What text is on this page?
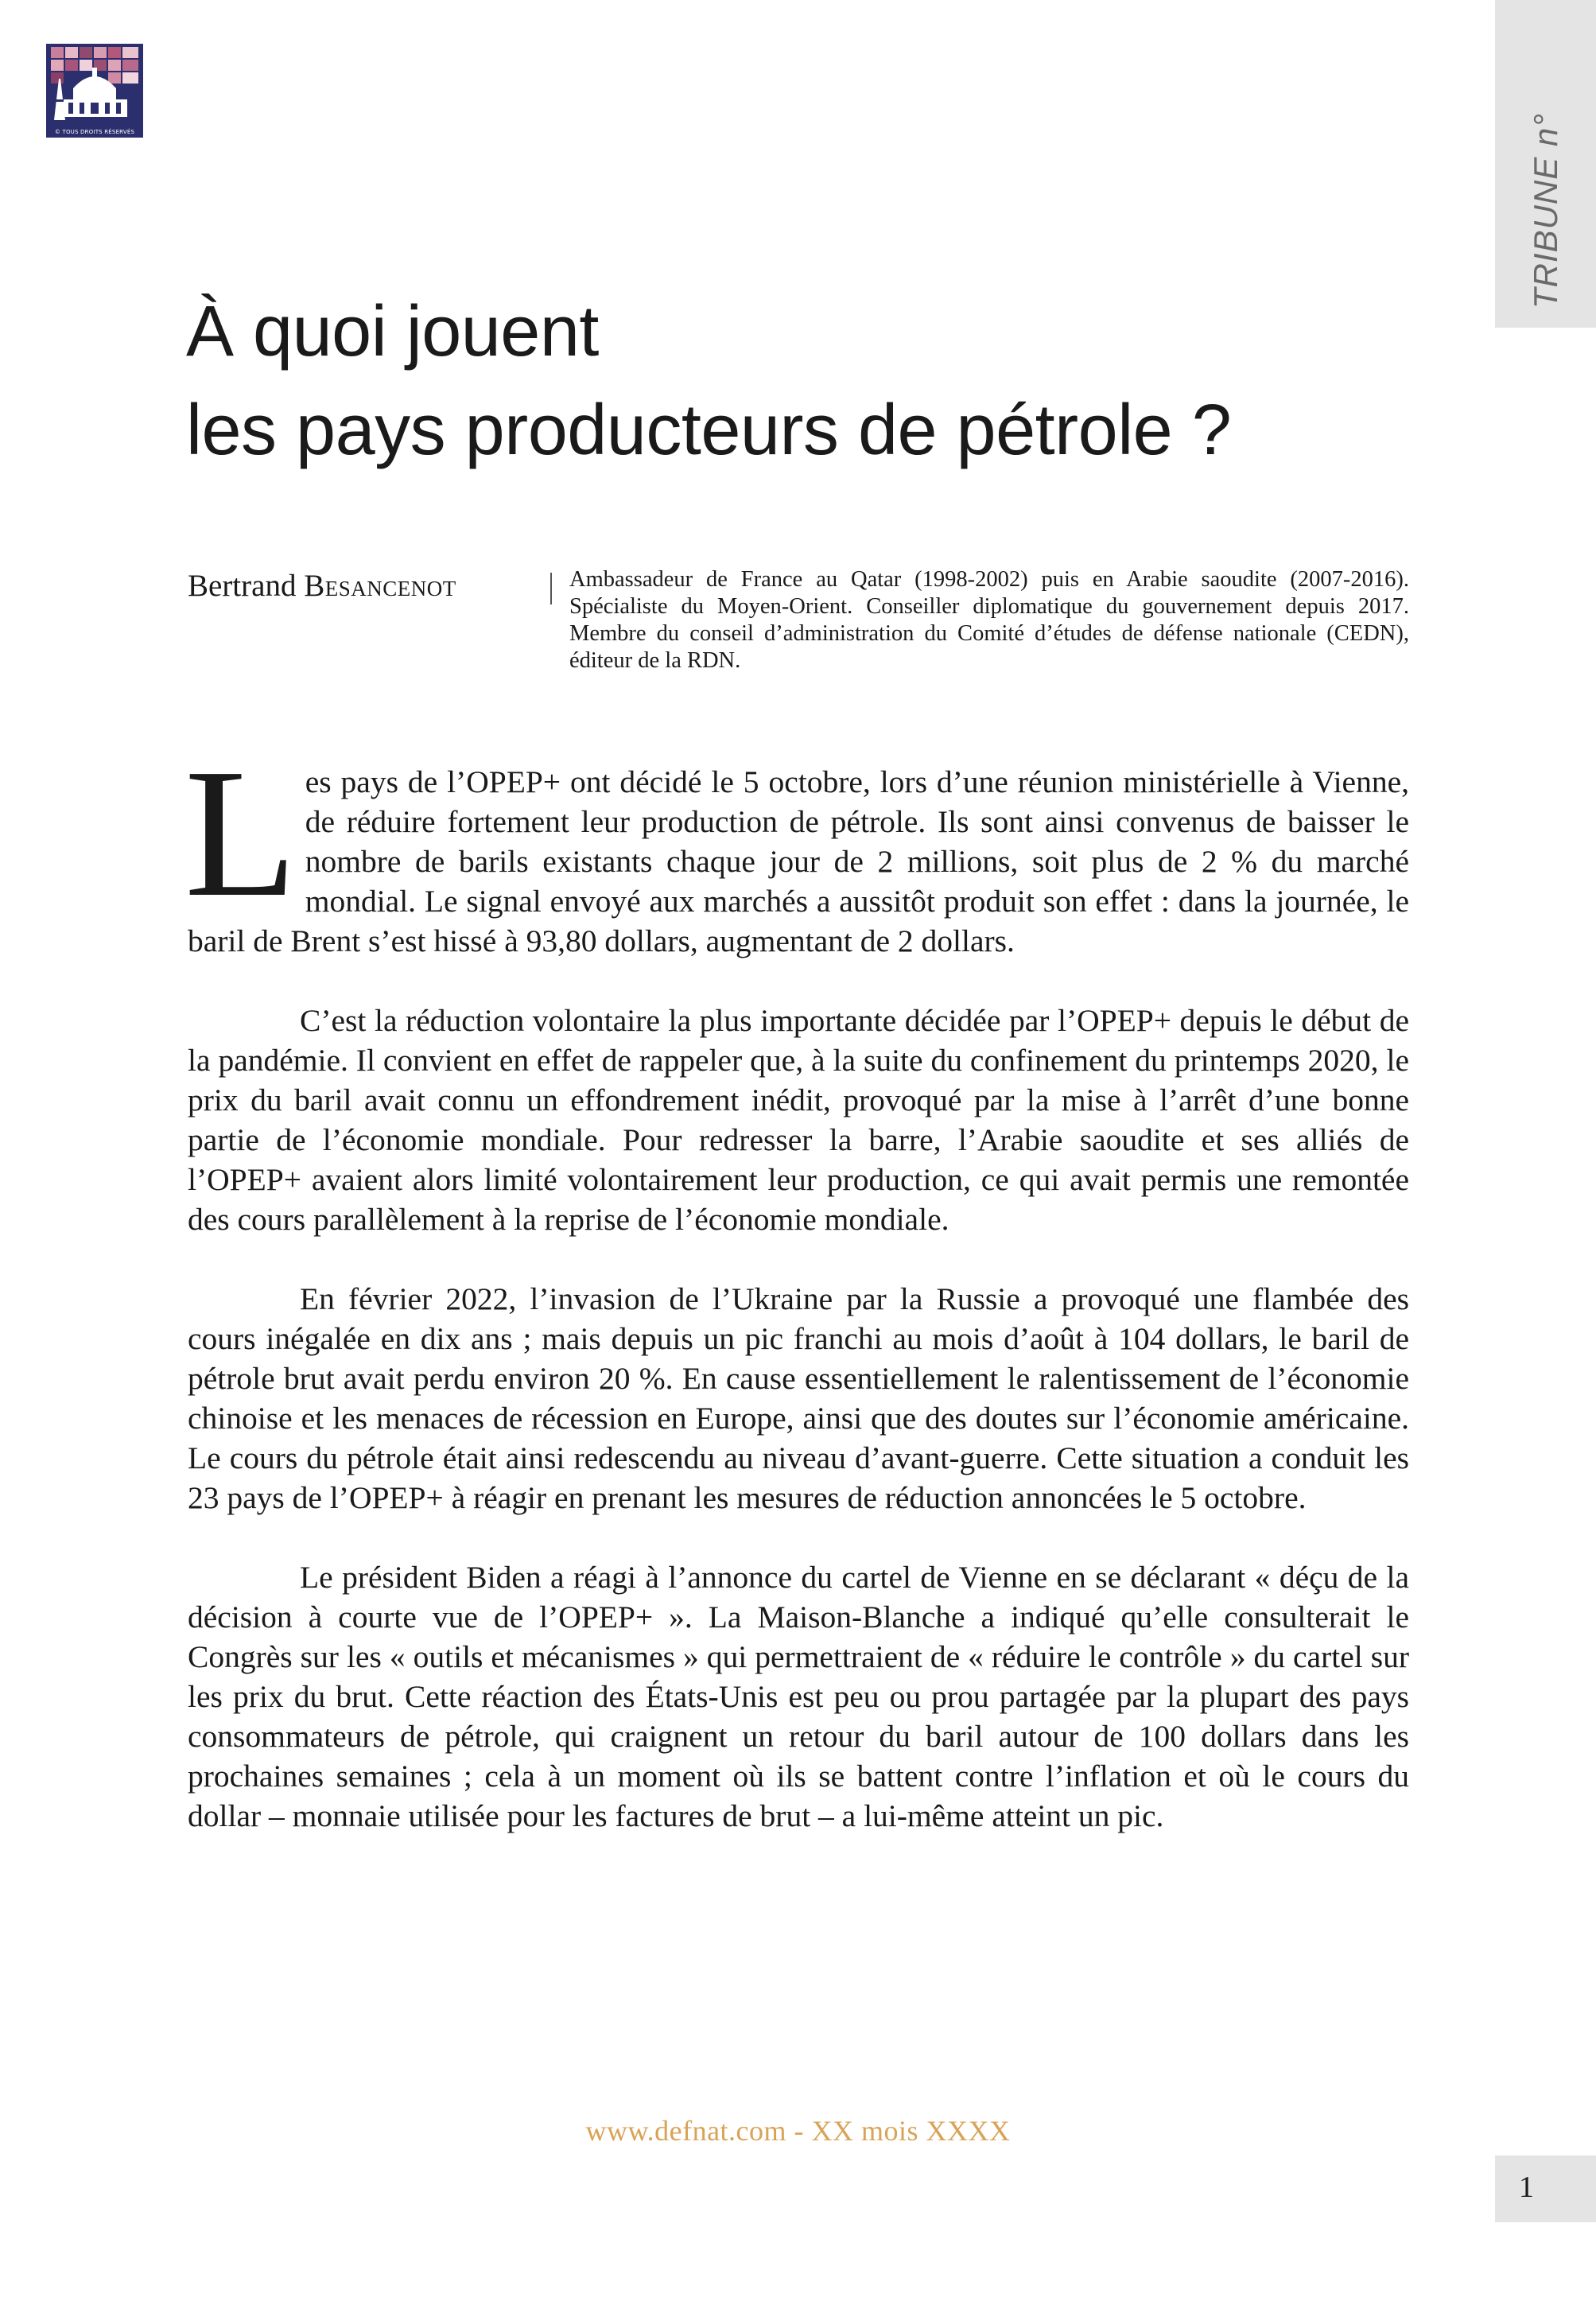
© TOUS DROITS RÉSERVÉS	TRIBUNE n°
À quoi jouent
les pays producteurs de pétrole ?
Bertrand Besancenot	Ambassadeur de France au Qatar (1998-2002) puis en Arabie saoudite (2007-2016). Spécialiste du Moyen-Orient. Conseiller diplomatique du gouvernement depuis 2017. Membre du conseil d’administration du Comité d’études de défense nationale (CEDN), éditeur de la RDN.

Les pays de l’OPEP+ ont décidé le 5 octobre, lors d’une réunion ministérielle à Vienne, de réduire fortement leur production de pétrole. Ils sont ainsi convenus de baisser le nombre de barils existants chaque jour de 2 millions, soit plus de 2 % du marché mondial. Le signal envoyé aux marchés a aussitôt produit son effet : dans la journée, le baril de Brent s’est hissé à 93,80 dollars, augmentant de 2 dollars.

C’est la réduction volontaire la plus importante décidée par l’OPEP+ depuis le début de la pandémie. Il convient en effet de rappeler que, à la suite du confinement du printemps 2020, le prix du baril avait connu un effondrement inédit, provoqué par la mise à l’arrêt d’une bonne partie de l’économie mondiale. Pour redresser la barre, l’Arabie saoudite et ses alliés de l’OPEP+ avaient alors limité volontairement leur production, ce qui avait permis une remontée des cours parallèlement à la reprise de l’économie mondiale.

En février 2022, l’invasion de l’Ukraine par la Russie a provoqué une flambée des cours inégalée en dix ans ; mais depuis un pic franchi au mois d’août à 104 dollars, le baril de pétrole brut avait perdu environ 20 %. En cause essentiellement le ralentissement de l’économie chinoise et les menaces de récession en Europe, ainsi que des doutes sur l’économie américaine. Le cours du pétrole était ainsi redescendu au niveau d’avant-guerre. Cette situation a conduit les 23 pays de l’OPEP+ à réagir en prenant les mesures de réduction annoncées le 5 octobre.

Le président Biden a réagi à l’annonce du cartel de Vienne en se déclarant « déçu de la décision à courte vue de l’OPEP+ ». La Maison-Blanche a indiqué qu’elle consulterait le Congrès sur les « outils et mécanismes » qui permettraient de « réduire le contrôle » du cartel sur les prix du brut. Cette réaction des États-Unis est peu ou prou partagée par la plupart des pays consommateurs de pétrole, qui craignent un retour du baril autour de 100 dollars dans les prochaines semaines ; cela à un moment où ils se battent contre l’inflation et où le cours du dollar – monnaie utilisée pour les factures de brut – a lui-même atteint un pic.

www.defnat.com - XX mois XXXX
1
